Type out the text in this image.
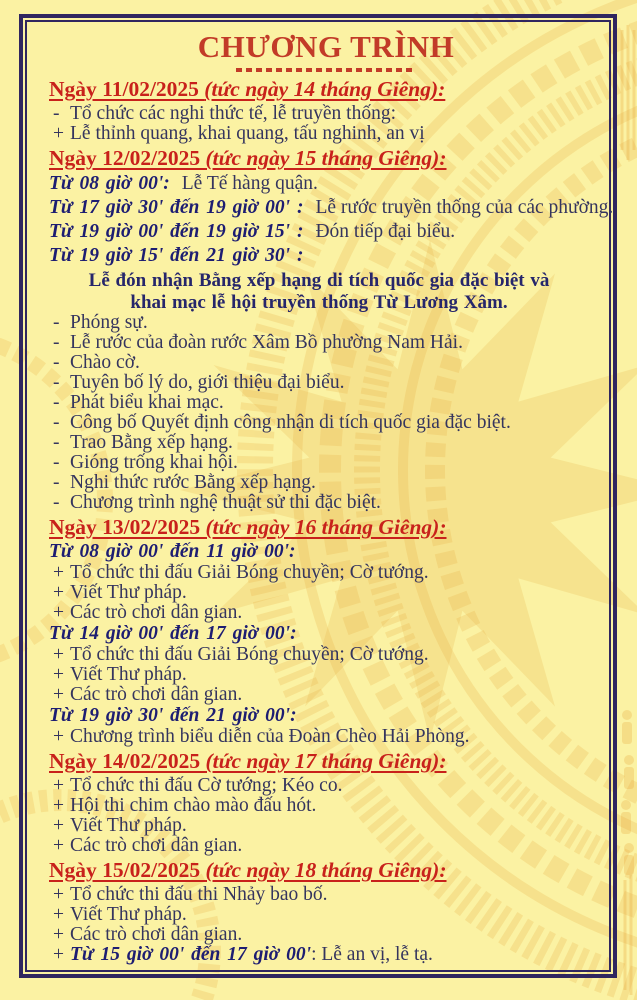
CHƯƠNG TRÌNH
Ngày 11/02/2025 (tức ngày 14 tháng Giêng):
- Tổ chức các nghi thức tế, lễ truyền thống:
+ Lễ thỉnh quang, khai quang, tấu nghinh, an vị
Ngày 12/02/2025 (tức ngày 15 tháng Giêng):
Từ 08 giờ 00': Lễ Tế hàng quận.
Từ 17 giờ 30' đến 19 giờ 00' : Lễ rước truyền thống của các phường.
Từ 19 giờ 00' đến 19 giờ 15' : Đón tiếp đại biểu.
Từ 19 giờ 15' đến 21 giờ 30' :
Lễ đón nhận Bằng xếp hạng di tích quốc gia đặc biệt và
khai mạc lễ hội truyền thống Từ Lương Xâm.
- Phóng sự.
- Lễ rước của đoàn rước Xâm Bồ phường Nam Hải.
- Chào cờ.
- Tuyên bố lý do, giới thiệu đại biểu.
- Phát biểu khai mạc.
- Công bố Quyết định công nhận di tích quốc gia đặc biệt.
- Trao Bằng xếp hạng.
- Gióng trống khai hội.
- Nghi thức rước Bằng xếp hạng.
- Chương trình nghệ thuật sử thi đặc biệt.
Ngày 13/02/2025 (tức ngày 16 tháng Giêng):
Từ 08 giờ 00' đến 11 giờ 00':
+ Tổ chức thi đấu Giải Bóng chuyền; Cờ tướng.
+ Viết Thư pháp.
+ Các trò chơi dân gian.
Từ 14 giờ 00' đến 17 giờ 00':
+ Tổ chức thi đấu Giải Bóng chuyền; Cờ tướng.
+ Viết Thư pháp.
+ Các trò chơi dân gian.
Từ 19 giờ 30' đến 21 giờ 00':
+ Chương trình biểu diễn của Đoàn Chèo Hải Phòng.
Ngày 14/02/2025 (tức ngày 17 tháng Giêng):
+ Tổ chức thi đấu Cờ tướng; Kéo co.
+ Hội thi chim chào mào đấu hót.
+ Viết Thư pháp.
+ Các trò chơi dân gian.
Ngày 15/02/2025 (tức ngày 18 tháng Giêng):
+ Tổ chức thi đấu thi Nhảy bao bố.
+ Viết Thư pháp.
+ Các trò chơi dân gian.
+ Từ 15 giờ 00' đến 17 giờ 00': Lễ an vị, lễ tạ.
